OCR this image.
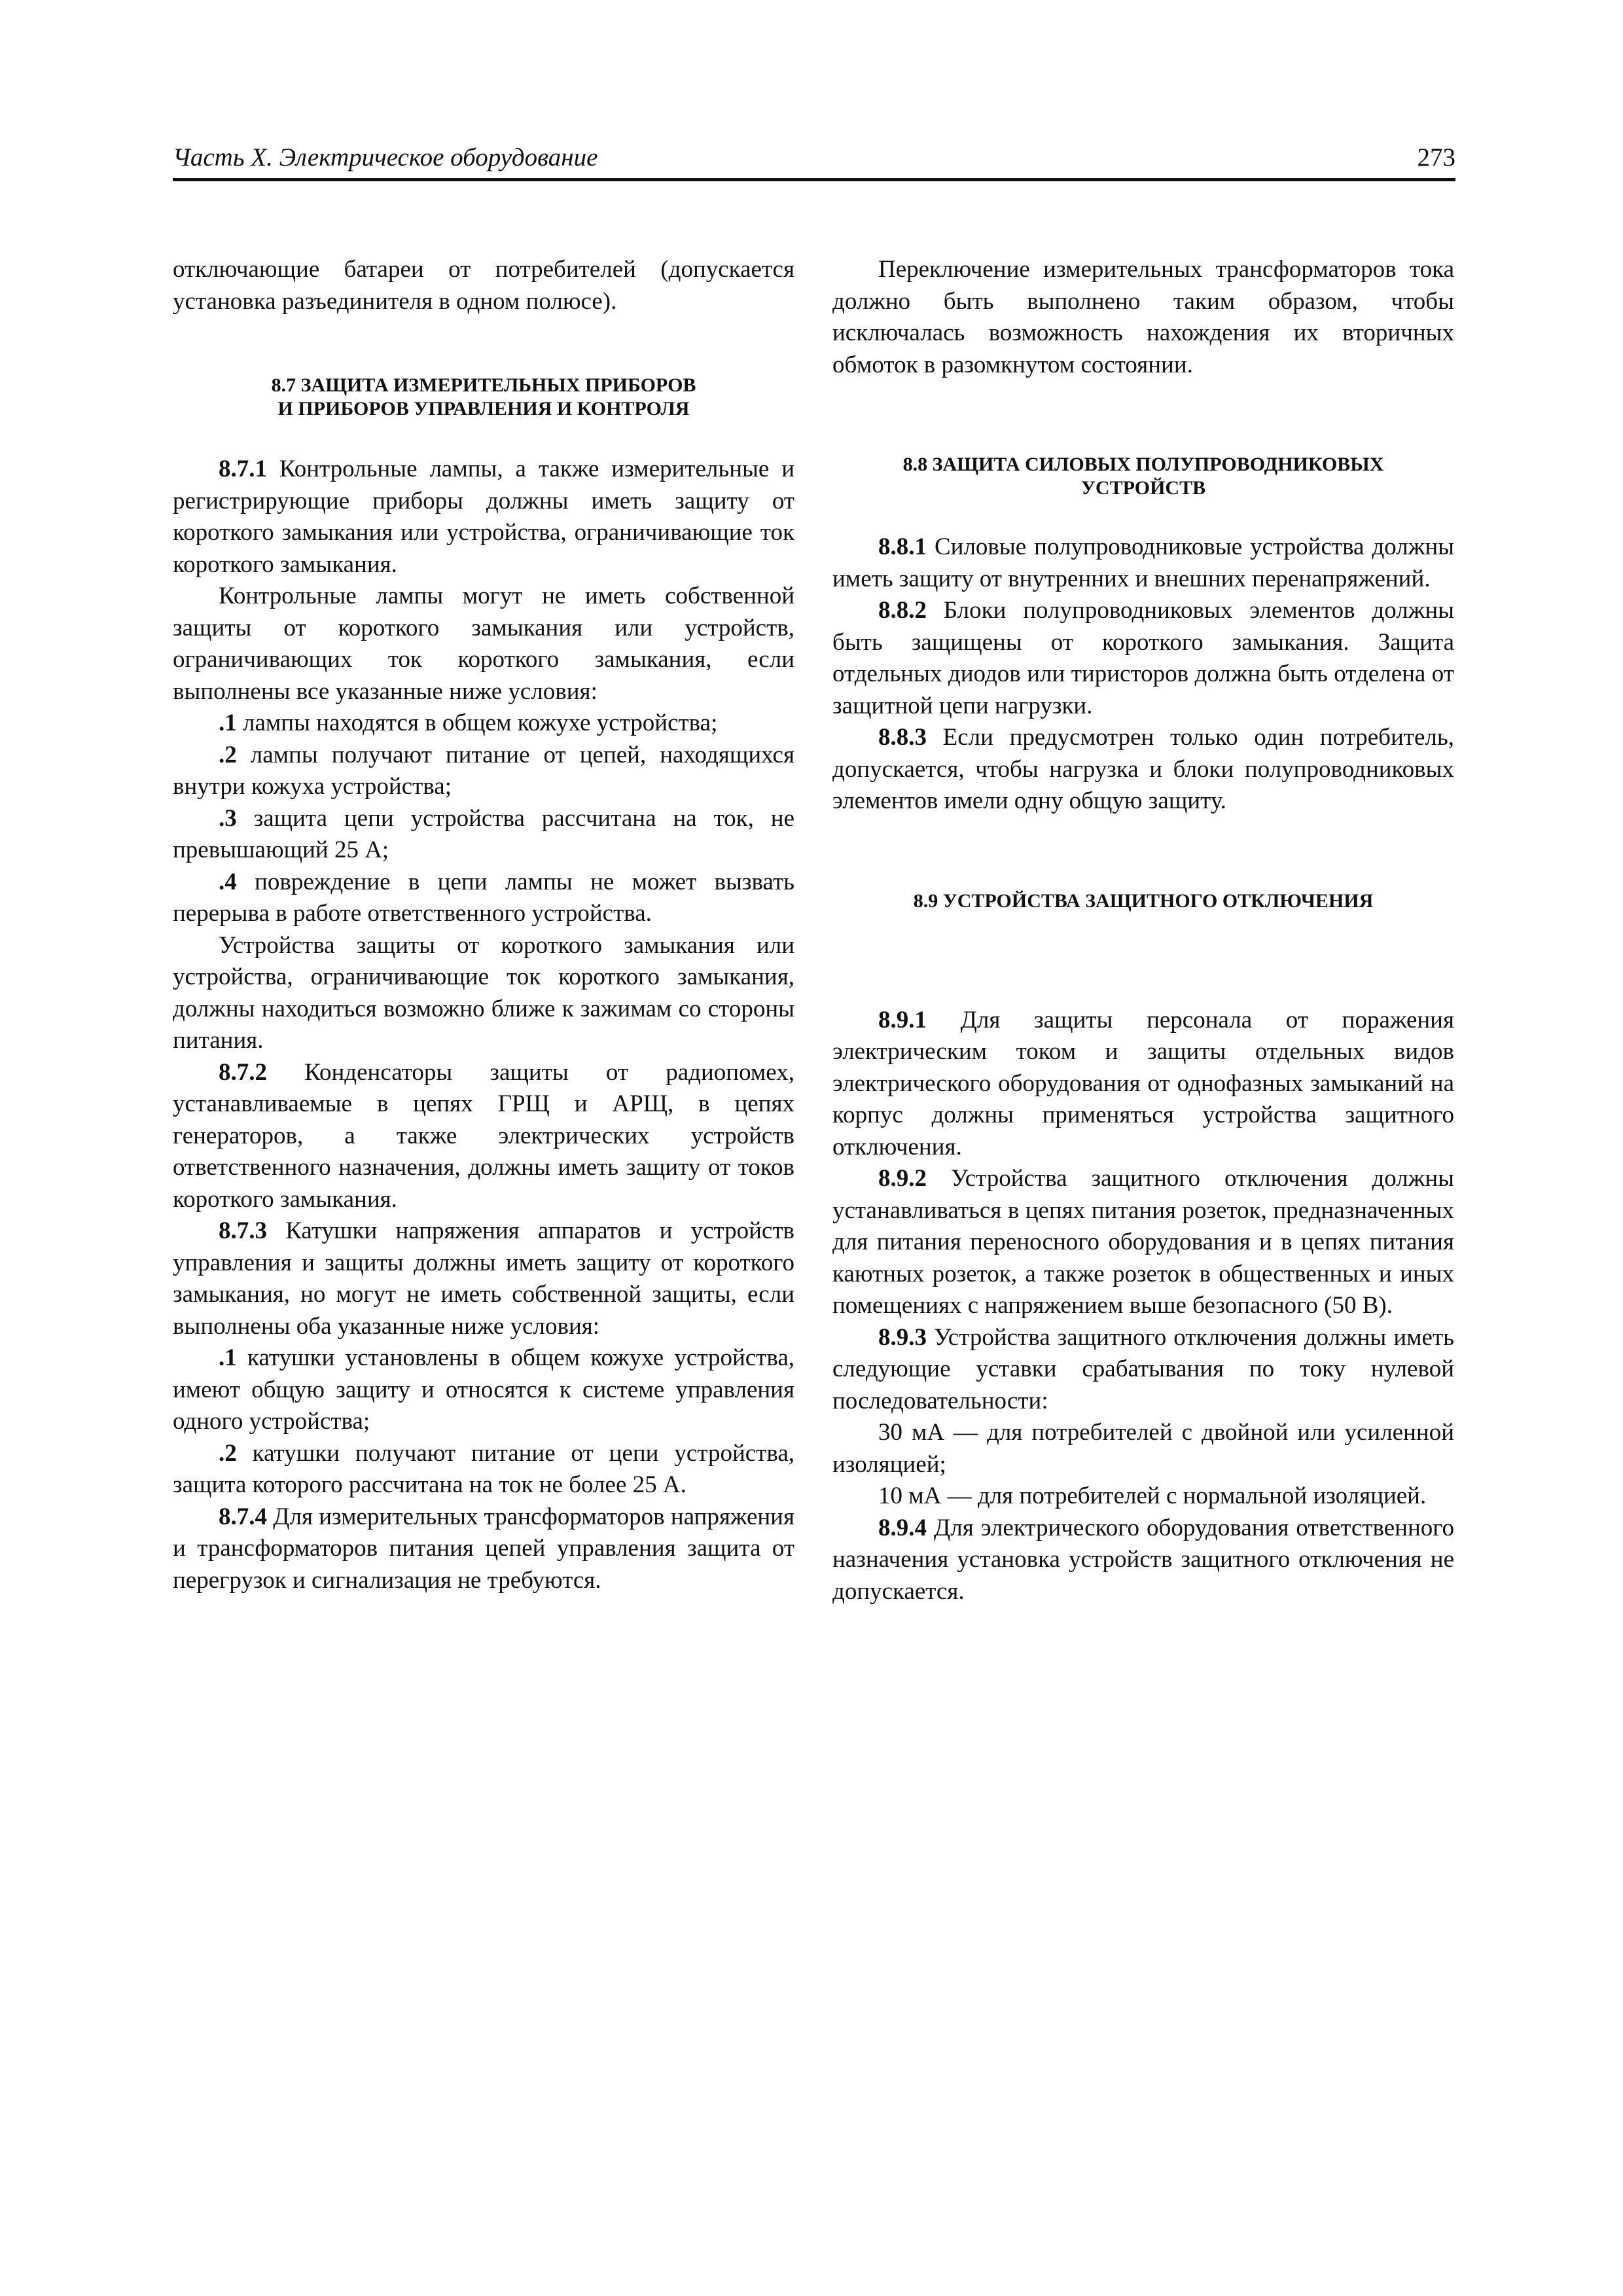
Часть X. Электрическое оборудование	273

отключающие батареи от потребителей (допускается установка разъединителя в одном полюсе).

8.7 ЗАЩИТА ИЗМЕРИТЕЛЬНЫХ ПРИБОРОВ

И ПРИБОРОВ УПРАВЛЕНИЯ И КОНТРОЛЯ

8.7.1 Контрольные лампы, а также измерительные и регистрирующие приборы должны иметь защиту от короткого замыкания или устройства, ограничивающие ток короткого замыкания.

Контрольные лампы могут не иметь собственной защиты от короткого замыкания или устройств, ограничивающих ток короткого замыкания, если выполнены все указанные ниже условия:

.1 лампы находятся в общем кожухе устройства;

.2 лампы получают питание от цепей, находящихся внутри кожуха устройства;

.3 защита цепи устройства рассчитана на ток, не превышающий 25 А;

.4 повреждение в цепи лампы не может вызвать перерыва в работе ответственного устройства.

Устройства защиты от короткого замыкания или устройства, ограничивающие ток короткого замыкания, должны находиться возможно ближе к зажимам со стороны питания.

8.7.2 Конденсаторы защиты от радиопомех, устанавливаемые в цепях ГРЩ и АРЩ, в цепях генераторов, а также электрических устройств ответственного назначения, должны иметь защиту от токов короткого замыкания.

8.7.3 Катушки напряжения аппаратов и устройств управления и защиты должны иметь защиту от короткого замыкания, но могут не иметь собственной защиты, если выполнены оба указанные ниже условия:

.1 катушки установлены в общем кожухе устройства, имеют общую защиту и относятся к системе управления одного устройства;

.2 катушки получают питание от цепи устройства, защита которого рассчитана на ток не более 25 А.

8.7.4 Для измерительных трансформаторов напряжения и трансформаторов питания цепей управления защита от перегрузок и сигнализация не требуются.

Переключение измерительных трансформаторов тока должно быть выполнено таким образом, чтобы исключалась возможность нахождения их вторичных обмоток в разомкнутом состоянии.

8.8 ЗАЩИТА СИЛОВЫХ ПОЛУПРОВОДНИКОВЫХ

УСТРОЙСТВ

8.8.1 Силовые полупроводниковые устройства должны иметь защиту от внутренних и внешних перенапряжений.

8.8.2 Блоки полупроводниковых элементов должны быть защищены от короткого замыкания. Защита отдельных диодов или тиристоров должна быть отделена от защитной цепи нагрузки.

8.8.3 Если предусмотрен только один потребитель, допускается, чтобы нагрузка и блоки полупроводниковых элементов имели одну общую защиту.

8.9 УСТРОЙСТВА ЗАЩИТНОГО ОТКЛЮЧЕНИЯ

8.9.1 Для защиты персонала от поражения электрическим током и защиты отдельных видов электрического оборудования от однофазных замыканий на корпус должны применяться устройства защитного отключения.

8.9.2 Устройства защитного отключения должны устанавливаться в цепях питания розеток, предназначенных для питания переносного оборудования и в цепях питания каютных розеток, а также розеток в общественных и иных помещениях с напряжением выше безопасного (50 В).

8.9.3 Устройства защитного отключения должны иметь следующие уставки срабатывания по току нулевой последовательности:

30 мА — для потребителей с двойной или усиленной изоляцией;

10 мА — для потребителей с нормальной изоляцией.

8.9.4 Для электрического оборудования ответственного назначения установка устройств защитного отключения не допускается.
